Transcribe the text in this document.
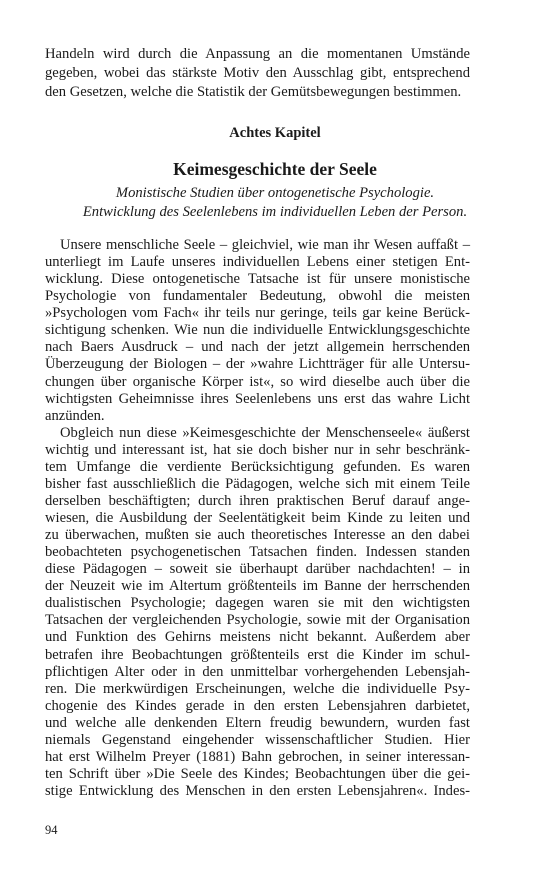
Handeln wird durch die Anpassung an die momentanen Umstände
gegeben, wobei das stärkste Motiv den Ausschlag gibt, entsprechend
den Gesetzen, welche die Statistik der Gemütsbewegungen bestimmen.
Achtes Kapitel
Keimesgeschichte der Seele
Monistische Studien über ontogenetische Psychologie.
Entwicklung des Seelenlebens im individuellen Leben der Person.
Unsere menschliche Seele – gleichviel, wie man ihr Wesen auffaßt –
unterliegt im Laufe unseres individuellen Lebens einer stetigen Ent-
wicklung. Diese ontogenetische Tatsache ist für unsere monistische
Psychologie von fundamentaler Bedeutung, obwohl die meisten
»Psychologen vom Fach« ihr teils nur geringe, teils gar keine Berück-
sichtigung schenken. Wie nun die individuelle Entwicklungsgeschichte
nach Baers Ausdruck – und nach der jetzt allgemein herrschenden
Überzeugung der Biologen – der »wahre Lichtträger für alle Untersu-
chungen über organische Körper ist«, so wird dieselbe auch über die
wichtigsten Geheimnisse ihres Seelenlebens uns erst das wahre Licht
anzünden.
Obgleich nun diese »Keimesgeschichte der Menschenseele« äußerst
wichtig und interessant ist, hat sie doch bisher nur in sehr beschränk-
tem Umfange die verdiente Berücksichtigung gefunden. Es waren
bisher fast ausschließlich die Pädagogen, welche sich mit einem Teile
derselben beschäftigten; durch ihren praktischen Beruf darauf ange-
wiesen, die Ausbildung der Seelentätigkeit beim Kinde zu leiten und
zu überwachen, mußten sie auch theoretisches Interesse an den dabei
beobachteten psychogenetischen Tatsachen finden. Indessen standen
diese Pädagogen – soweit sie überhaupt darüber nachdachten! – in
der Neuzeit wie im Altertum größtenteils im Banne der herrschenden
dualistischen Psychologie; dagegen waren sie mit den wichtigsten
Tatsachen der vergleichenden Psychologie, sowie mit der Organisation
und Funktion des Gehirns meistens nicht bekannt. Außerdem aber
betrafen ihre Beobachtungen größtenteils erst die Kinder im schul-
pflichtigen Alter oder in den unmittelbar vorhergehenden Lebensjah-
ren. Die merkwürdigen Erscheinungen, welche die individuelle Psy-
chogenie des Kindes gerade in den ersten Lebensjahren darbietet,
und welche alle denkenden Eltern freudig bewundern, wurden fast
niemals Gegenstand eingehender wissenschaftlicher Studien. Hier
hat erst Wilhelm Preyer (1881) Bahn gebrochen, in seiner interessan-
ten Schrift über »Die Seele des Kindes; Beobachtungen über die gei-
stige Entwicklung des Menschen in den ersten Lebensjahren«. Indes-
94
